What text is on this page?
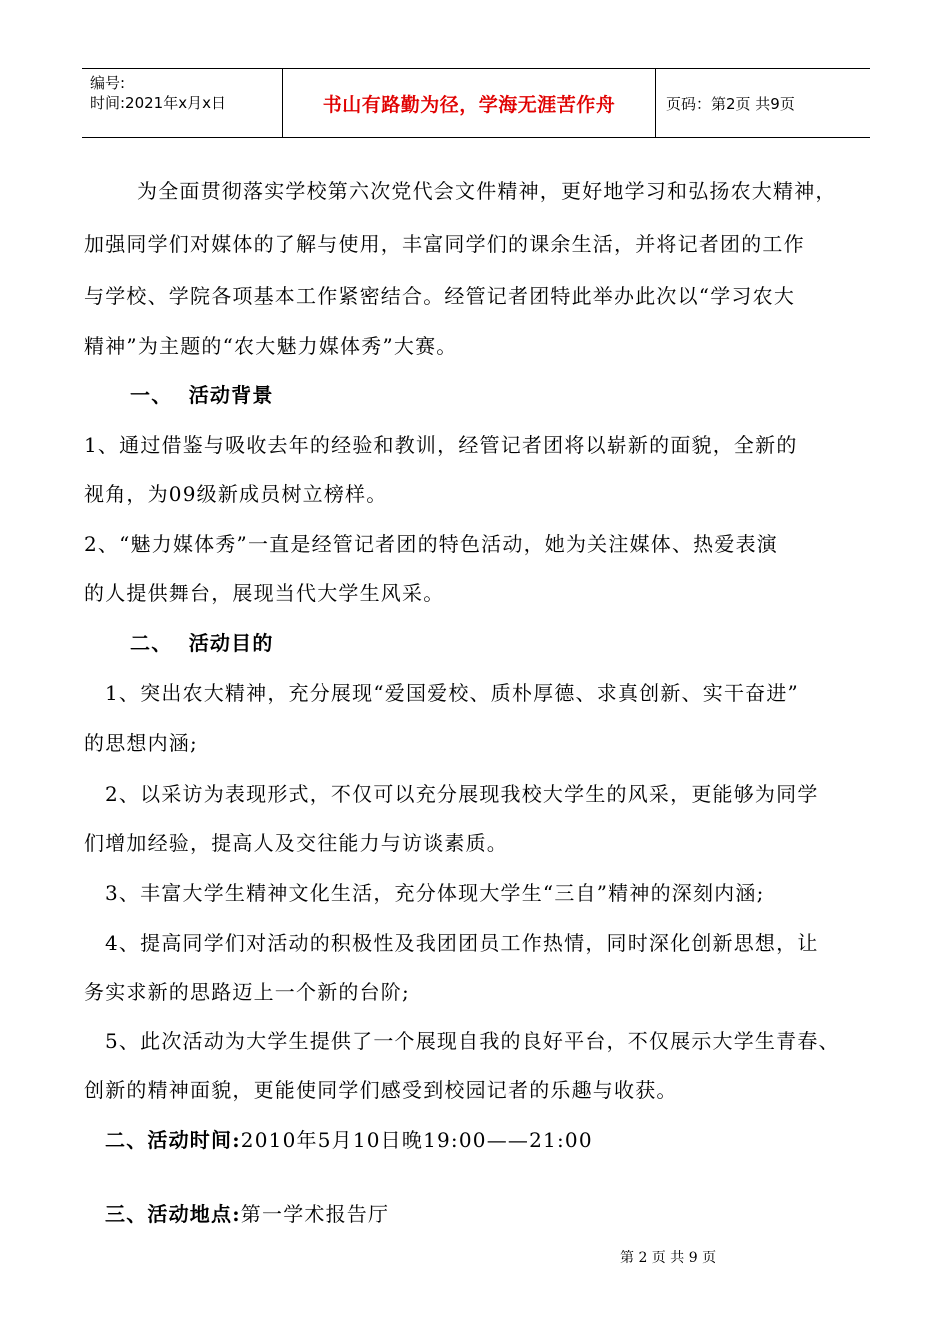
编号:
时间:2021年x月x日	书山有路勤为径，学海无涯苦作舟	页码：第2页 共9页
为全面贯彻落实学校第六次党代会文件精神，更好地学习和弘扬农大精神，
加强同学们对媒体的了解与使用，丰富同学们的课余生活，并将记者团的工作
与学校、学院各项基本工作紧密结合。经管记者团特此举办此次以“学习农大
精神”为主题的“农大魅力媒体秀”大赛。
一、  活动背景
1、通过借鉴与吸收去年的经验和教训，经管记者团将以崭新的面貌，全新的
视角，为09级新成员树立榜样。
2、“魅力媒体秀”一直是经管记者团的特色活动，她为关注媒体、热爱表演
的人提供舞台，展现当代大学生风采。
二、  活动目的
1、突出农大精神，充分展现“爱国爱校、质朴厚德、求真创新、实干奋进”
的思想内涵;
2、以采访为表现形式，不仅可以充分展现我校大学生的风采，更能够为同学
们增加经验，提高人及交往能力与访谈素质。
3、丰富大学生精神文化生活，充分体现大学生“三自”精神的深刻内涵;
4、提高同学们对活动的积极性及我团团员工作热情，同时深化创新思想，让
务实求新的思路迈上一个新的台阶;
5、此次活动为大学生提供了一个展现自我的良好平台，不仅展示大学生青春、
创新的精神面貌，更能使同学们感受到校园记者的乐趣与收获。
二、活动时间:2010年5月10日晚19:00——21:00
三、活动地点:第一学术报告厅
第 2 页 共 9 页
